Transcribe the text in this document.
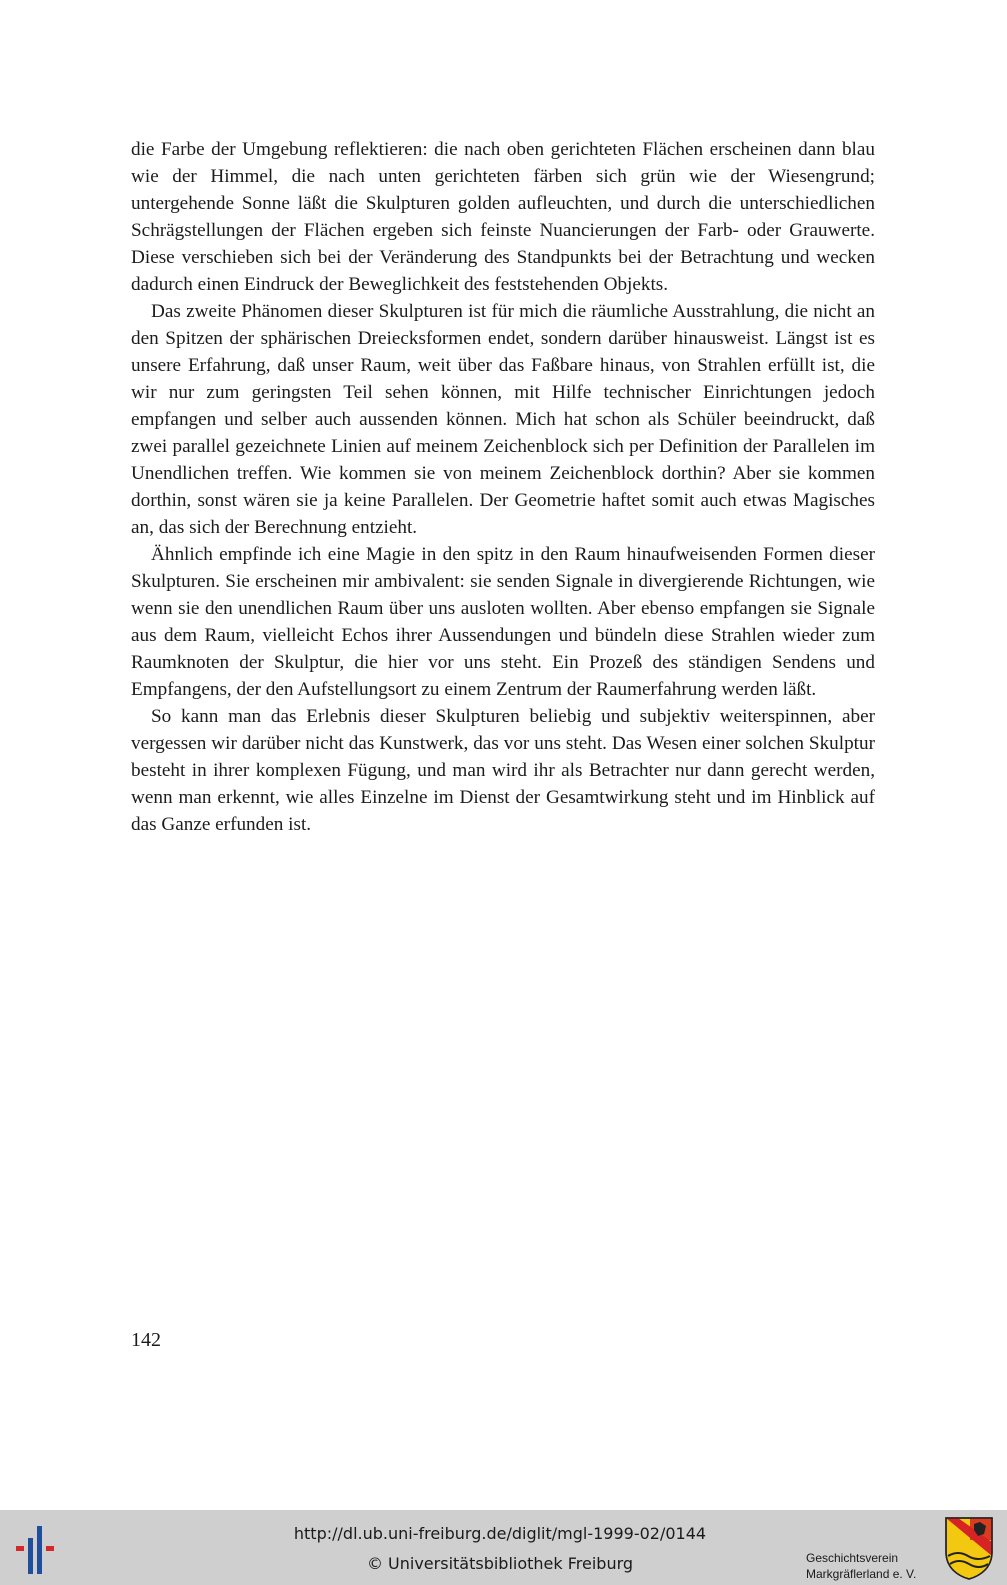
die Farbe der Umgebung reflektieren: die nach oben gerichteten Flächen erscheinen dann blau wie der Himmel, die nach unten gerichteten färben sich grün wie der Wiesengrund; untergehende Sonne läßt die Skulpturen golden aufleuchten, und durch die unterschiedlichen Schrägstellungen der Flächen ergeben sich feinste Nuancierungen der Farb- oder Grauwerte. Diese verschieben sich bei der Veränderung des Standpunkts bei der Betrachtung und wecken dadurch einen Eindruck der Beweglichkeit des feststehenden Objekts.

Das zweite Phänomen dieser Skulpturen ist für mich die räumliche Ausstrahlung, die nicht an den Spitzen der sphärischen Dreiecksformen endet, sondern darüber hinausweist. Längst ist es unsere Erfahrung, daß unser Raum, weit über das Faßbare hinaus, von Strahlen erfüllt ist, die wir nur zum geringsten Teil sehen können, mit Hilfe technischer Einrichtungen jedoch empfangen und selber auch aussenden können. Mich hat schon als Schüler beeindruckt, daß zwei parallel gezeichnete Linien auf meinem Zeichenblock sich per Definition der Parallelen im Unendlichen treffen. Wie kommen sie von meinem Zeichenblock dorthin? Aber sie kommen dorthin, sonst wären sie ja keine Parallelen. Der Geometrie haftet somit auch etwas Magisches an, das sich der Berechnung entzieht.

Ähnlich empfinde ich eine Magie in den spitz in den Raum hinaufweisenden Formen dieser Skulpturen. Sie erscheinen mir ambivalent: sie senden Signale in divergierende Richtungen, wie wenn sie den unendlichen Raum über uns ausloten wollten. Aber ebenso empfangen sie Signale aus dem Raum, vielleicht Echos ihrer Aussendungen und bündeln diese Strahlen wieder zum Raumknoten der Skulptur, die hier vor uns steht. Ein Prozeß des ständigen Sendens und Empfangens, der den Aufstellungsort zu einem Zentrum der Raumerfahrung werden läßt.

So kann man das Erlebnis dieser Skulpturen beliebig und subjektiv weiterspinnen, aber vergessen wir darüber nicht das Kunstwerk, das vor uns steht. Das Wesen einer solchen Skulptur besteht in ihrer komplexen Fügung, und man wird ihr als Betrachter nur dann gerecht werden, wenn man erkennt, wie alles Einzelne im Dienst der Gesamtwirkung steht und im Hinblick auf das Ganze erfunden ist.

142
http://dl.ub.uni-freiburg.de/diglit/mgl-1999-02/0144
© Universitätsbibliothek Freiburg	Geschichtsverein
Markgräflerland e. V.
